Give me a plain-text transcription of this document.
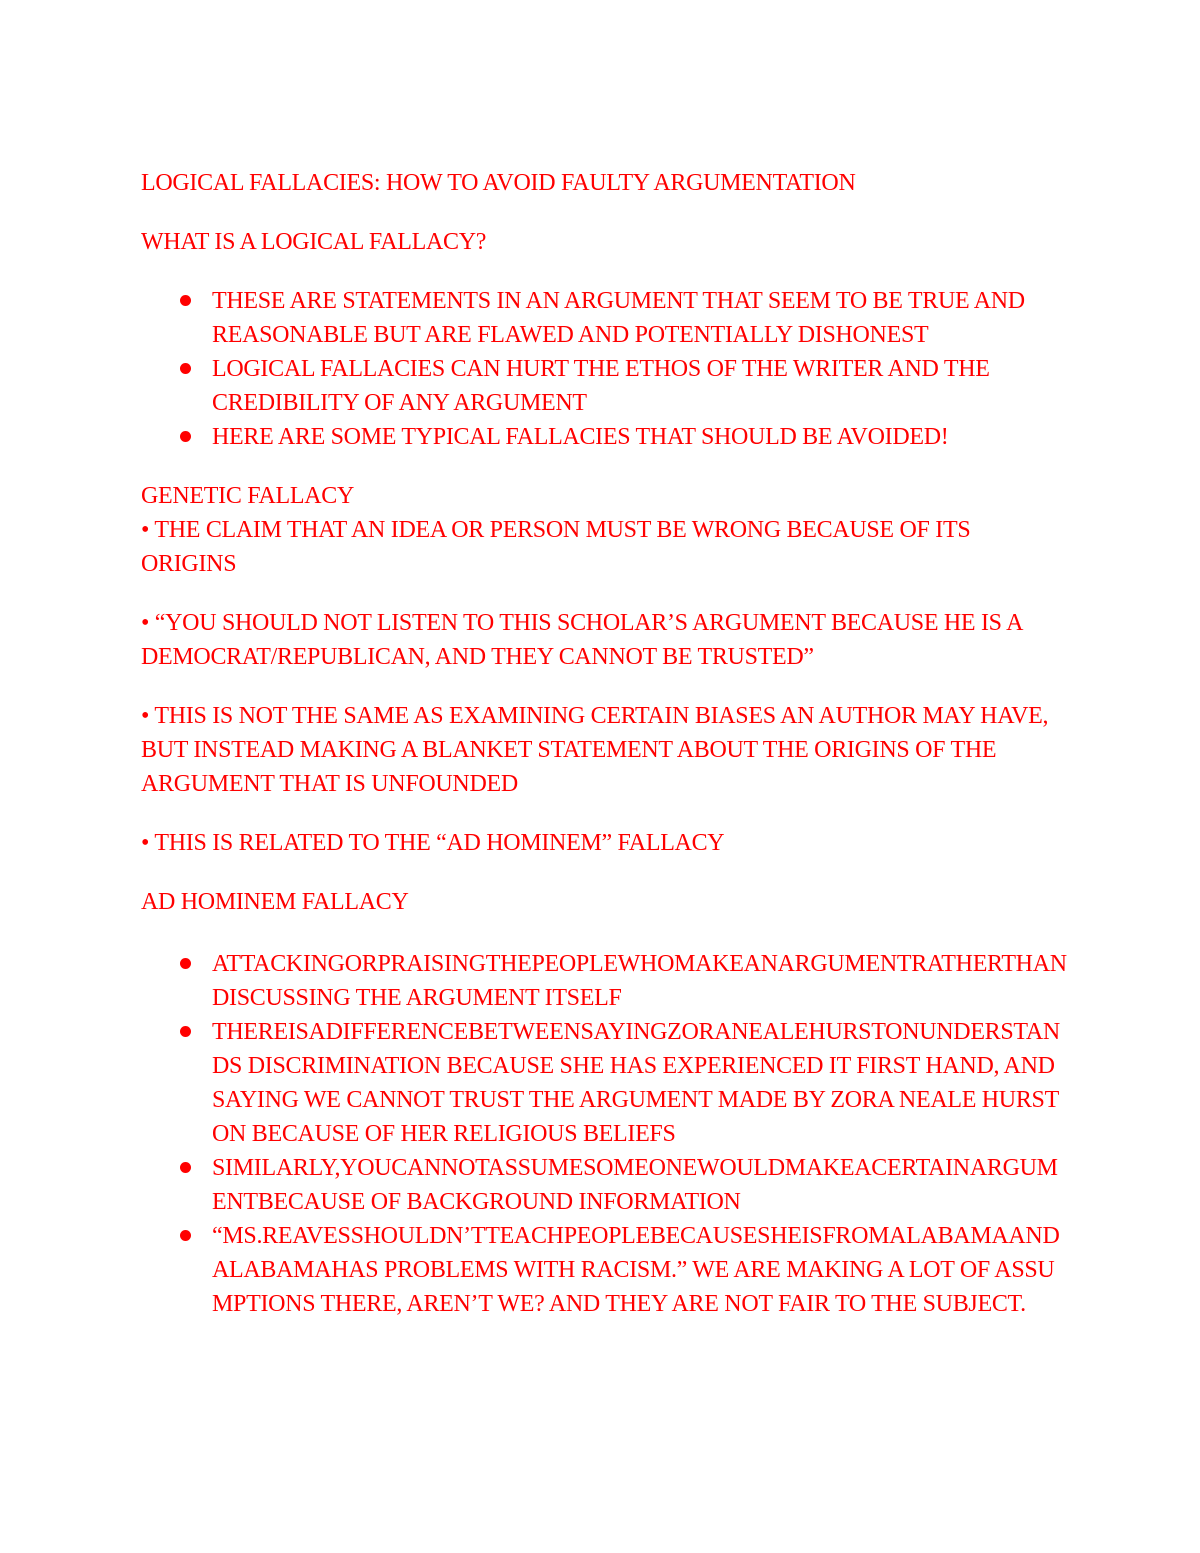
LOGICAL FALLACIES: HOW TO AVOID FAULTY ARGUMENTATION
WHAT IS A LOGICAL FALLACY?
THESE ARE STATEMENTS IN AN ARGUMENT THAT SEEM TO BE TRUE AND REASONABLE BUT ARE FLAWED AND POTENTIALLY DISHONEST
LOGICAL FALLACIES CAN HURT THE ETHOS OF THE WRITER AND THE CREDIBILITY OF ANY ARGUMENT
HERE ARE SOME TYPICAL FALLACIES THAT SHOULD BE AVOIDED!
GENETIC FALLACY
• THE CLAIM THAT AN IDEA OR PERSON MUST BE WRONG BECAUSE OF ITS ORIGINS
• “YOU SHOULD NOT LISTEN TO THIS SCHOLAR’S ARGUMENT BECAUSE HE IS A DEMOCRAT/REPUBLICAN, AND THEY CANNOT BE TRUSTED”
• THIS IS NOT THE SAME AS EXAMINING CERTAIN BIASES AN AUTHOR MAY HAVE, BUT INSTEAD MAKING A BLANKET STATEMENT ABOUT THE ORIGINS OF THE ARGUMENT THAT IS UNFOUNDED
• THIS IS RELATED TO THE “AD HOMINEM” FALLACY
AD HOMINEM FALLACY
ATTACKINGORPRAISINGTHEPEOPLEWHOMAKEANARGUMENTRATHERTHANDISCUSSING THE ARGUMENT ITSELF
THEREISADIFFERENCEBETWEENSAYINGZORANEALEHURSTONUNDERSTANDS DISCRIMINATION BECAUSE SHE HAS EXPERIENCED IT FIRST HAND, AND SAYING WE CANNOT TRUST THE ARGUMENT MADE BY ZORA NEALE HURSTON BECAUSE OF HER RELIGIOUS BELIEFS
SIMILARLY,YOUCANNOTASSUMESOMEONEWOULDMAKEACERTAINARGUMENTBECAUSE OF BACKGROUND INFORMATION
“MS.REAVESSHOULDN’TTEACHPEOPLEBECAUSESHEISFROMALABAMAANDALABAMAHAS PROBLEMS WITH RACISM.” WE ARE MAKING A LOT OF ASSUMPTIONS THERE, AREN’T WE? AND THEY ARE NOT FAIR TO THE SUBJECT.
